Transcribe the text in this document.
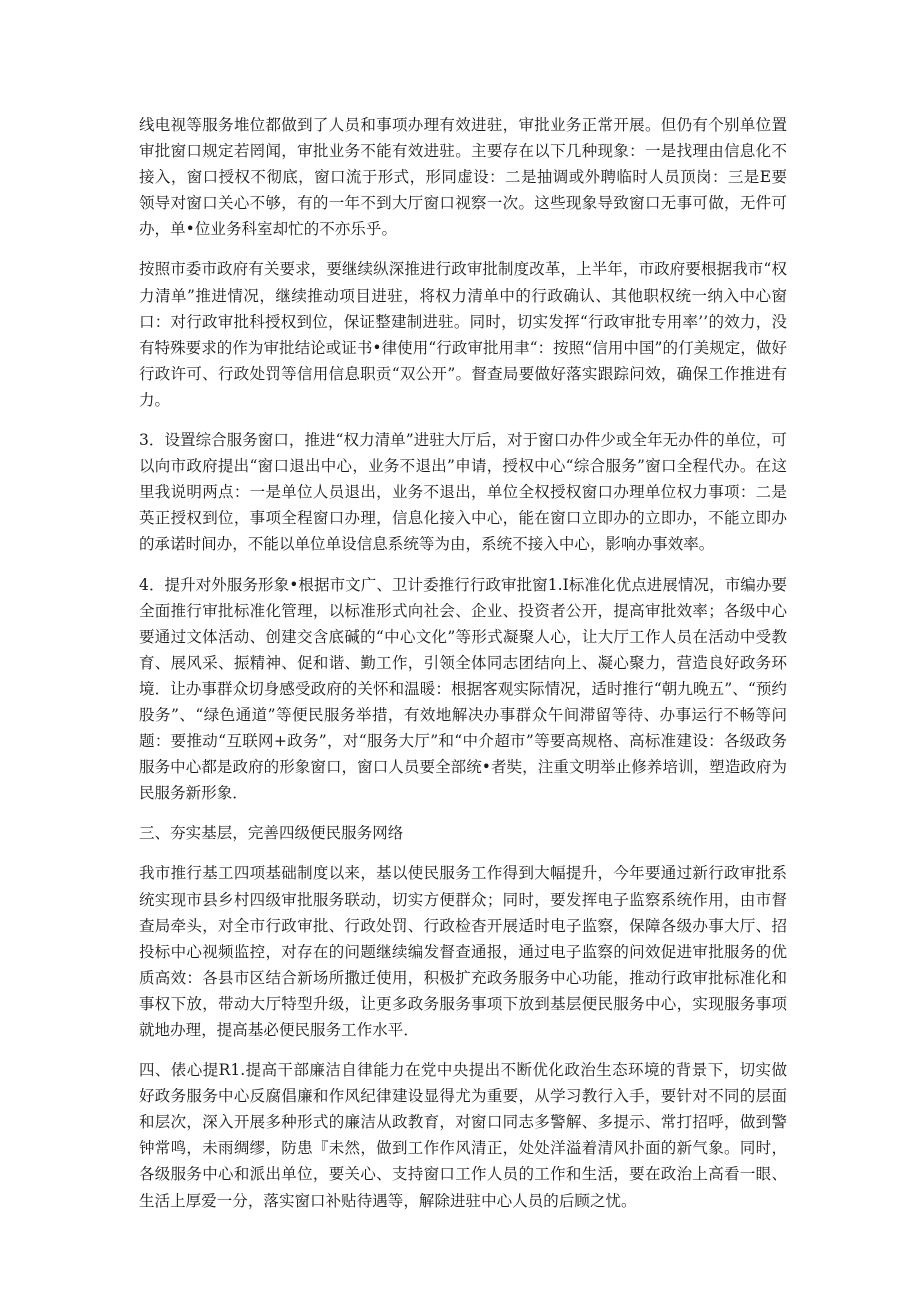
线电视等服务堆位都做到了人员和事项办理有效进驻，审批业务正常开展。但仍有个别单位置审批窗口规定若罔闻，审批业务不能有效进驻。主要存在以下几种现象：一是找理由信息化不接入，窗口授权不彻底，窗口流于形式，形同虚设：二是抽调或外聘临时人员顶岗：三是E要领导对窗口关心不够，有的一年不到大厅窗口视察一次。这些现象导致窗口无事可做，无件可办，单•位业务科室却忙的不亦乐乎。

按照市委市政府有关要求，要继续纵深推进行政审批制度改革，上半年，市政府要根据我市“权力清单”推进情况，继续推动项目进驻，将权力清单中的行政确认、其他职权统一纳入中心窗口：对行政审批科授权到位，保证整建制进驻。同时，切实发挥“行政审批专用率’’的效力，没有特殊要求的作为审批结论或证书•律使用“行政审批用聿“：按照“信用中国”的仃美规定，做好行政许可、行政处罚等信用信息职贡“双公开”。督查局要做好落实跟踪问效，确保工作推进有力。

3．设置综合服务窗口，推进“权力清单”进驻大厅后，对于窗口办件少或全年无办件的单位，可以向市政府提出“窗口退出中心，业务不退出”申请，授权中心“综合服务”窗口全程代办。在这里我说明两点：一是单位人员退出，业务不退出，单位全权授权窗口办理单位权力事项：二是英正授权到位，事项全程窗口办理，信息化接入中心，能在窗口立即办的立即办，不能立即办的承诺时间办，不能以单位单设信息系统等为由，系统不接入中心，影响办事效率。

4．提升对外服务形象•根据市文广、卫计委推行行政审批窗1.I标准化优点进展情况，市编办要全面推行审批标准化管理，以标准形式向社会、企业、投资者公开，提高审批效率；各级中心要通过文体活动、创建交含底碱的“中心文化”等形式凝聚人心，让大厅工作人员在活动中受教育、展风采、振精神、促和谐、勤工作，引领全体同志团结向上、凝心聚力，营造良好政务环境．让办事群众切身感受政府的关怀和温暖：根据客观实际情况，适时推行“朝九晚五”、“预约股务”、“绿色通道”等便民服务举措，有效地解决办事群众午间滞留等待、办事运行不畅等问题：要推动“互联网+政务”，对“服务大厅”和“中介超市”等要高规格、高标准建设：各级政务服务中心都是政府的形象窗口，窗口人员要全部统•者奘，注重文明举止修养培训，塑造政府为民服务新形象．

三、夯实基层，完善四级便民服务网络

我市推行基工四项基础制度以来，基以使民服务工作得到大幅提升，今年要通过新行政审批系统实现市县乡村四级审批服务联动，切实方便群众；同时，要发挥电子监察系统作用，由市督查局牵头，对全市行政审批、行政处罚、行政检杳开展适时电子监察，保障各级办事大厅、招投标中心视频监控，对存在的问题继续编发督查通报，通过电子监察的问效促进审批服务的优质高效：各县市区结合新场所撒迁使用，积极扩充政务服务中心功能，推动行政审批标准化和事权下放，带动大厅特型升级，让更多政务服务事项下放到基层便民服务中心，实现服务事项就地办理，提高基必便民服务工作水平．

四、俵心提R1.提高干部廉洁自律能力在党中央提出不断优化政治生态环境的背景下，切实做好政务服务中心反腐倡廉和作风纪律建设显得尤为重要，从学习教行入手，要针对不同的层面和层次，深入开展多种形式的廉洁从政教育，对窗口同志多警解、多提示、常打招呼，做到警钟常鸣，未雨绸缪，防患『未然，做到工作作风清正，处处洋溢着清风扑面的新气象。同时，各级服务中心和派出单位，要关心、支持窗口工作人员的工作和生活，要在政治上高看一眼、生活上厚爱一分，落实窗口补贴待遇等，解除进驻中心人员的后顾之忧。
